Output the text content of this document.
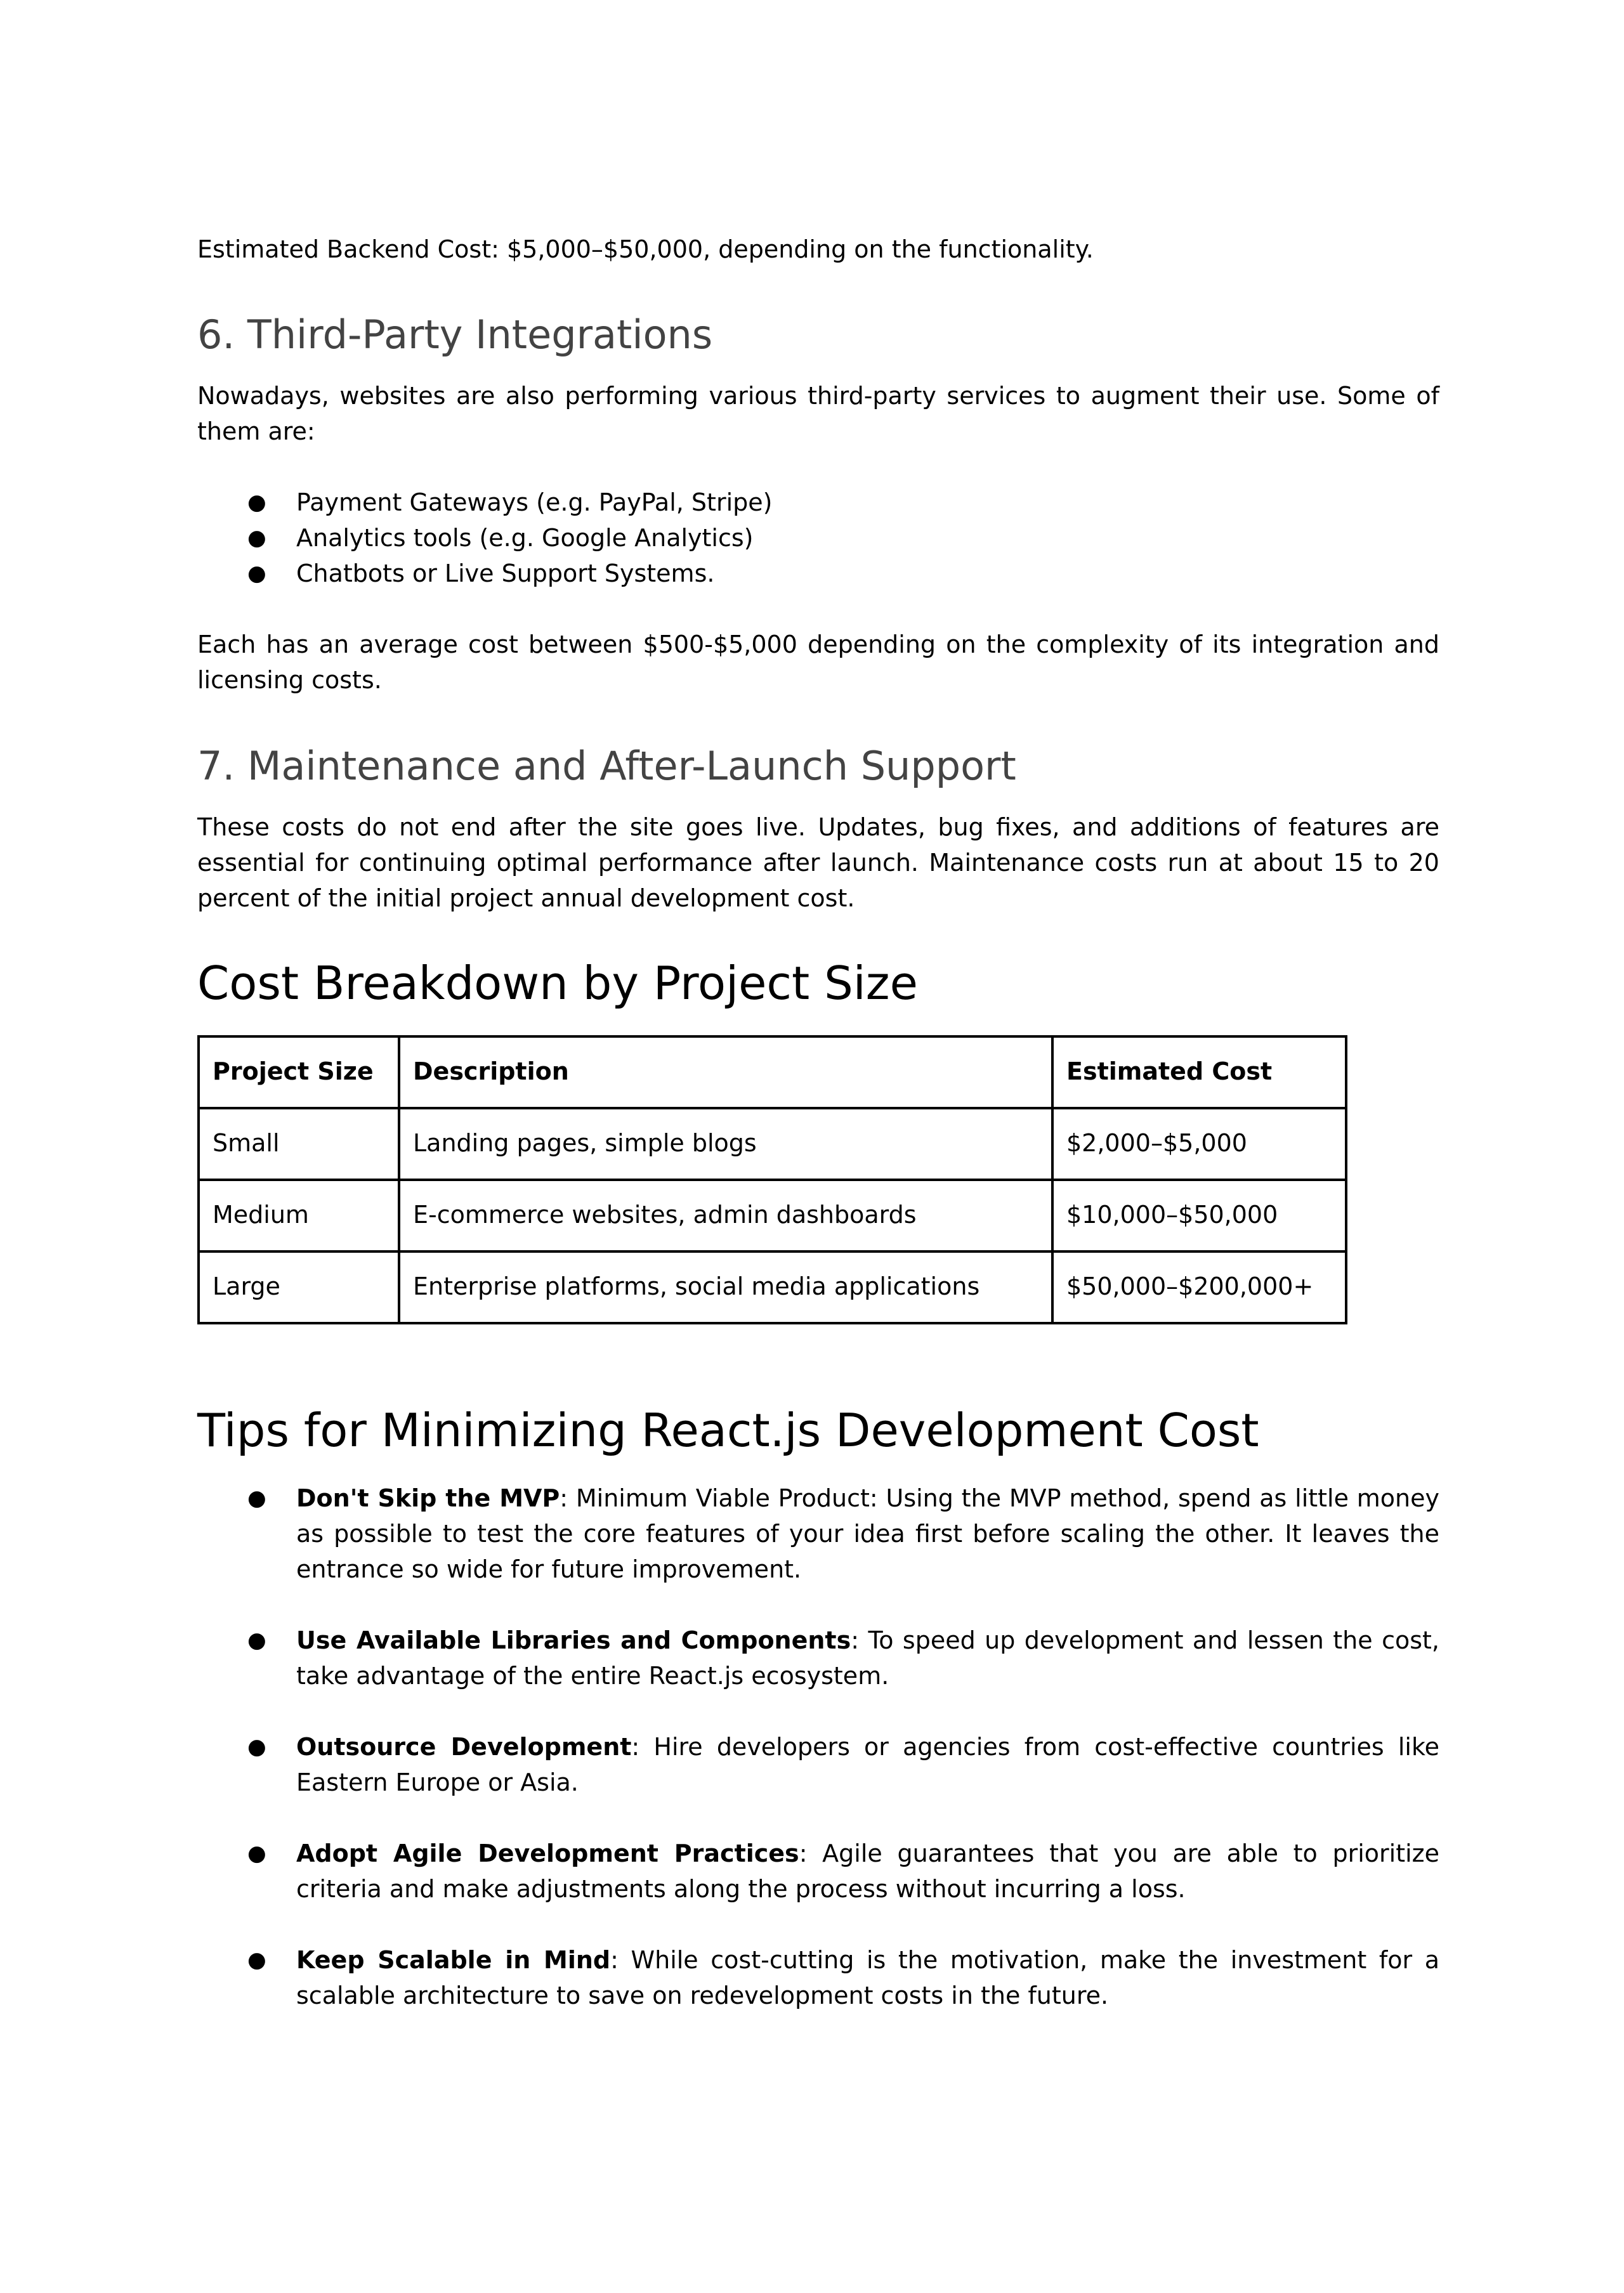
Estimated Backend Cost: $5,000–$50,000, depending on the functionality.

6. Third-Party Integrations

Nowadays, websites are also performing various third-party services to augment their use. Some of them are:

● Payment Gateways (e.g. PayPal, Stripe)
● Analytics tools (e.g. Google Analytics)
● Chatbots or Live Support Systems.

Each has an average cost between $500-$5,000 depending on the complexity of its integration and licensing costs.

7. Maintenance and After-Launch Support

These costs do not end after the site goes live. Updates, bug fixes, and additions of features are essential for continuing optimal performance after launch. Maintenance costs run at about 15 to 20 percent of the initial project annual development cost.

Cost Breakdown by Project Size
Project Size	Description	Estimated Cost
Small	Landing pages, simple blogs	$2,000–$5,000
Medium	E-commerce websites, admin dashboards	$10,000–$50,000
Large	Enterprise platforms, social media applications	$50,000–$200,000+
Tips for Minimizing React.js Development Cost
● Don't Skip the MVP: Minimum Viable Product: Using the MVP method, spend as little money as possible to test the core features of your idea first before scaling the other. It leaves the entrance so wide for future improvement.
● Use Available Libraries and Components: To speed up development and lessen the cost, take advantage of the entire React.js ecosystem.
● Outsource Development: Hire developers or agencies from cost-effective countries like Eastern Europe or Asia.
● Adopt Agile Development Practices: Agile guarantees that you are able to prioritize criteria and make adjustments along the process without incurring a loss.
● Keep Scalable in Mind: While cost-cutting is the motivation, make the investment for a scalable architecture to save on redevelopment costs in the future.
